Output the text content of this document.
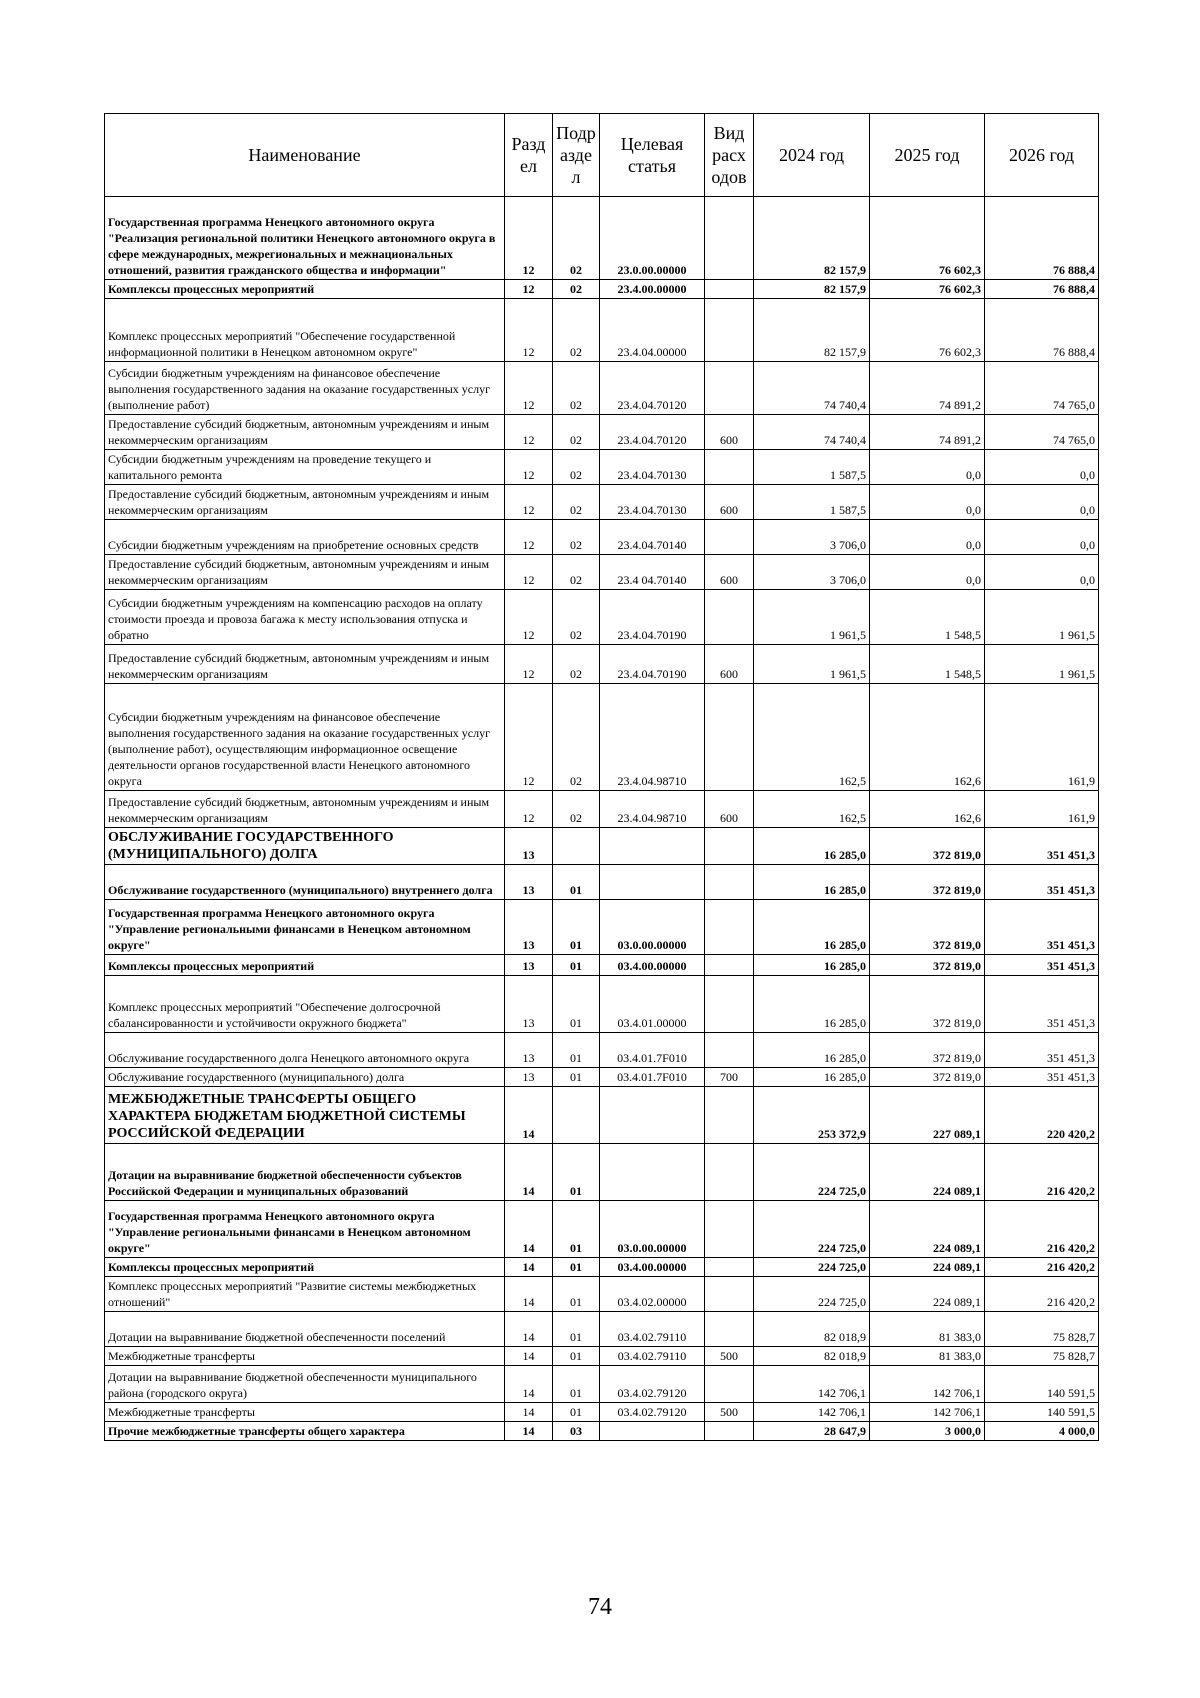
Наименование	Разд ел	Подр азде л	Целевая статья	Вид расх одов	2024 год	2025 год	2026 год
Государственная программа Ненецкого автономного округа "Реализация региональной политики Ненецкого автономного округа в сфере международных, межрегиональных и межнациональных отношений, развития гражданского общества и информации"	12	02	23.0.00.00000		82 157,9	76 602,3	76 888,4
Комплексы процессных мероприятий	12	02	23.4.00.00000		82 157,9	76 602,3	76 888,4
Комплекс процессных мероприятий "Обеспечение государственной информационной политики в Ненецком автономном округе"	12	02	23.4.04.00000		82 157,9	76 602,3	76 888,4
Субсидии бюджетным учреждениям на финансовое обеспечение выполнения государственного задания на оказание государственных услуг (выполнение работ)	12	02	23.4.04.70120		74 740,4	74 891,2	74 765,0
Предоставление субсидий бюджетным, автономным учреждениям и иным некоммерческим организациям	12	02	23.4.04.70120	600	74 740,4	74 891,2	74 765,0
Субсидии бюджетным учреждениям на проведение текущего и капитального ремонта	12	02	23.4.04.70130		1 587,5	0,0	0,0
Предоставление субсидий бюджетным, автономным учреждениям и иным некоммерческим организациям	12	02	23.4.04.70130	600	1 587,5	0,0	0,0
Субсидии бюджетным учреждениям на приобретение основных средств	12	02	23.4.04.70140		3 706,0	0,0	0,0
Предоставление субсидий бюджетным, автономным учреждениям и иным некоммерческим организациям	12	02	23.4 04.70140	600	3 706,0	0,0	0,0
Субсидии бюджетным учреждениям на компенсацию расходов на оплату стоимости проезда и провоза багажа к месту использования отпуска и обратно	12	02	23.4.04.70190		1 961,5	1 548,5	1 961,5
Предоставление субсидий бюджетным, автономным учреждениям и иным некоммерческим организациям	12	02	23.4.04.70190	600	1 961,5	1 548,5	1 961,5
Субсидии бюджетным учреждениям на финансовое обеспечение выполнения государственного задания на оказание государственных услуг (выполнение работ), осуществляющим информационное освещение деятельности органов государственной власти Ненецкого автономного округа	12	02	23.4.04.98710		162,5	162,6	161,9
Предоставление субсидий бюджетным, автономным учреждениям и иным некоммерческим организациям	12	02	23.4.04.98710	600	162,5	162,6	161,9
ОБСЛУЖИВАНИЕ ГОСУДАРСТВЕННОГО (МУНИЦИПАЛЬНОГО) ДОЛГА	13				16 285,0	372 819,0	351 451,3
Обслуживание государственного (муниципального) внутреннего долга	13	01			16 285,0	372 819,0	351 451,3
Государственная программа Ненецкого автономного округа "Управление региональными финансами в Ненецком автономном округе"	13	01	03.0.00.00000		16 285,0	372 819,0	351 451,3
Комплексы процессных мероприятий	13	01	03.4.00.00000		16 285,0	372 819,0	351 451,3
Комплекс процессных мероприятий "Обеспечение долгосрочной сбалансированности и устойчивости окружного бюджета"	13	01	03.4.01.00000		16 285,0	372 819,0	351 451,3
Обслуживание государственного долга Ненецкого автономного округа	13	01	03.4.01.7F010		16 285,0	372 819,0	351 451,3
Обслуживание государственного (муниципального) долга	13	01	03.4.01.7F010	700	16 285,0	372 819,0	351 451,3
МЕЖБЮДЖЕТНЫЕ ТРАНСФЕРТЫ ОБЩЕГО ХАРАКТЕРА БЮДЖЕТАМ БЮДЖЕТНОЙ СИСТЕМЫ РОССИЙСКОЙ ФЕДЕРАЦИИ	14				253 372,9	227 089,1	220 420,2
Дотации на выравнивание бюджетной обеспеченности субъектов Российской Федерации и муниципальных образований	14	01			224 725,0	224 089,1	216 420,2
Государственная программа Ненецкого автономного округа "Управление региональными финансами в Ненецком автономном округе"	14	01	03.0.00.00000		224 725,0	224 089,1	216 420,2
Комплексы процессных мероприятий	14	01	03.4.00.00000		224 725,0	224 089,1	216 420,2
Комплекс процессных мероприятий "Развитие системы межбюджетных отношений"	14	01	03.4.02.00000		224 725,0	224 089,1	216 420,2
Дотации на выравнивание бюджетной обеспеченности поселений	14	01	03.4.02.79110		82 018,9	81 383,0	75 828,7
Межбюджетные трансферты	14	01	03.4.02.79110	500	82 018,9	81 383,0	75 828,7
Дотации на выравнивание бюджетной обеспеченности муниципального района (городского округа)	14	01	03.4.02.79120		142 706,1	142 706,1	140 591,5
Межбюджетные трансферты	14	01	03.4.02.79120	500	142 706,1	142 706,1	140 591,5
Прочие межбюджетные трансферты общего характера	14	03			28 647,9	3 000,0	4 000,0
74
